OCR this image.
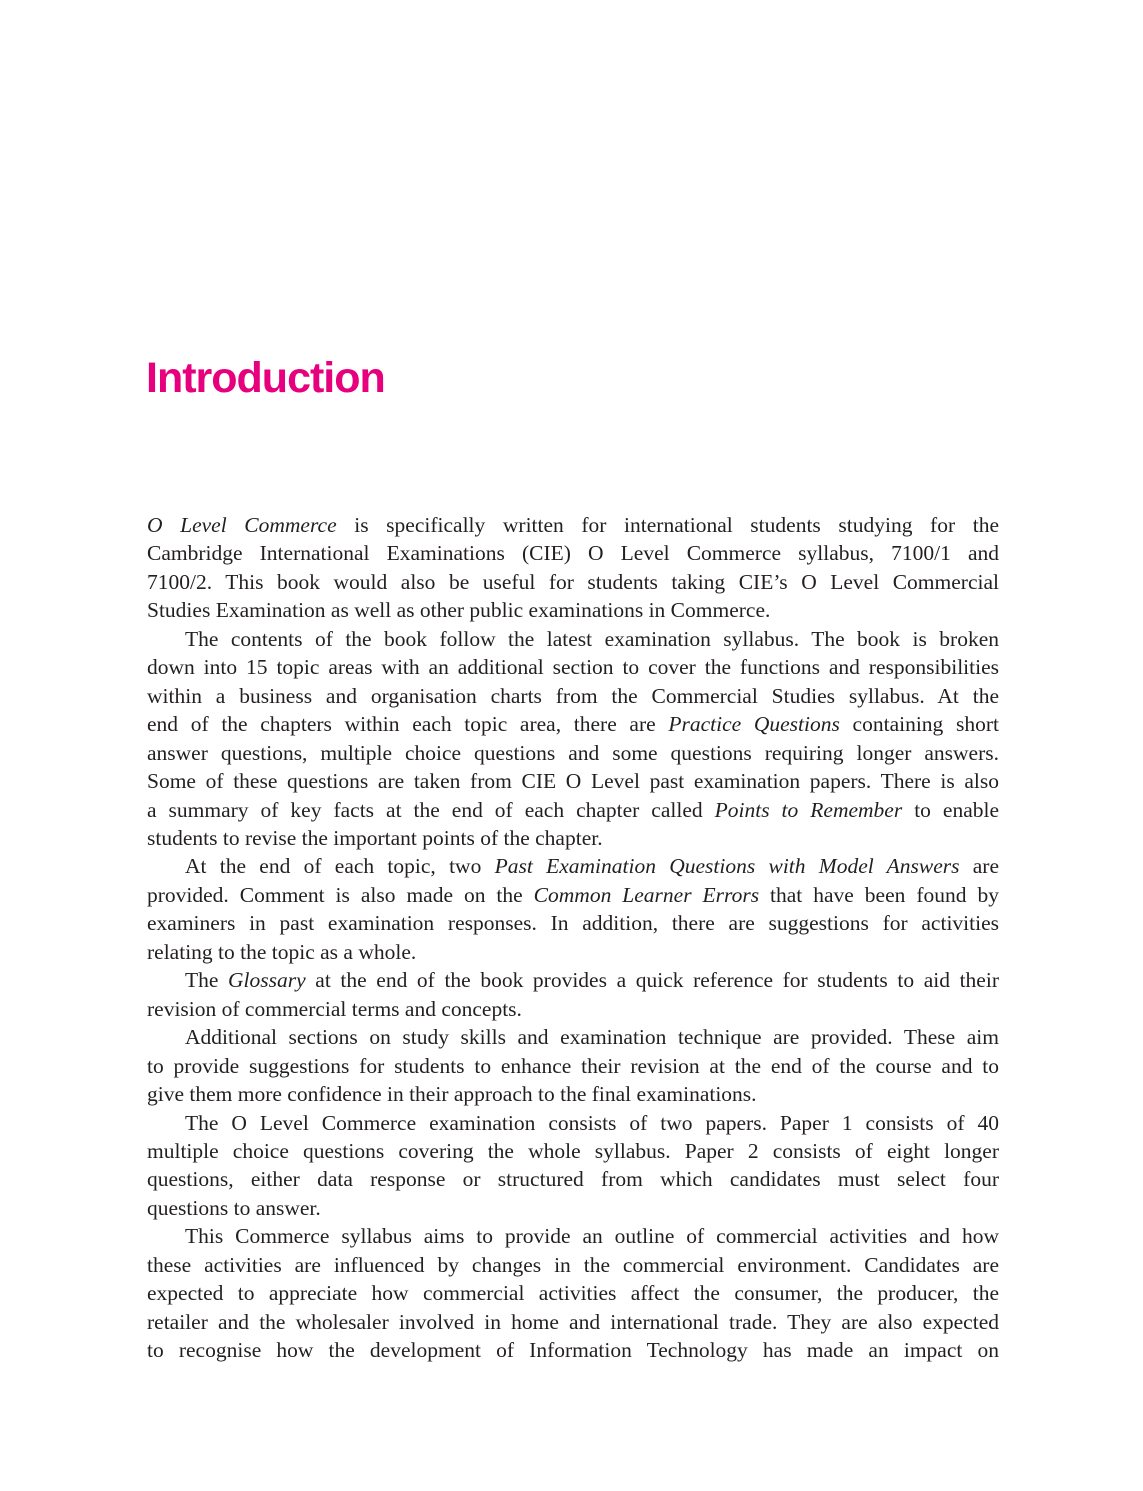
Introduction
O Level Commerce is specifically written for international students studying for the
Cambridge International Examinations (CIE) O Level Commerce syllabus, 7100/1 and
7100/2. This book would also be useful for students taking CIE’s O Level Commercial
Studies Examination as well as other public examinations in Commerce.
The contents of the book follow the latest examination syllabus. The book is broken
down into 15 topic areas with an additional section to cover the functions and responsibilities
within a business and organisation charts from the Commercial Studies syllabus. At the
end of the chapters within each topic area, there are Practice Questions containing short
answer questions, multiple choice questions and some questions requiring longer answers.
Some of these questions are taken from CIE O Level past examination papers. There is also
a summary of key facts at the end of each chapter called Points to Remember to enable
students to revise the important points of the chapter.
At the end of each topic, two Past Examination Questions with Model Answers are
provided. Comment is also made on the Common Learner Errors that have been found by
examiners in past examination responses. In addition, there are suggestions for activities
relating to the topic as a whole.
The Glossary at the end of the book provides a quick reference for students to aid their
revision of commercial terms and concepts.
Additional sections on study skills and examination technique are provided. These aim
to provide suggestions for students to enhance their revision at the end of the course and to
give them more confidence in their approach to the final examinations.
The O Level Commerce examination consists of two papers. Paper 1 consists of 40
multiple choice questions covering the whole syllabus. Paper 2 consists of eight longer
questions, either data response or structured from which candidates must select four
questions to answer.
This Commerce syllabus aims to provide an outline of commercial activities and how
these activities are influenced by changes in the commercial environment. Candidates are
expected to appreciate how commercial activities affect the consumer, the producer, the
retailer and the wholesaler involved in home and international trade. They are also expected
to recognise how the development of Information Technology has made an impact on
